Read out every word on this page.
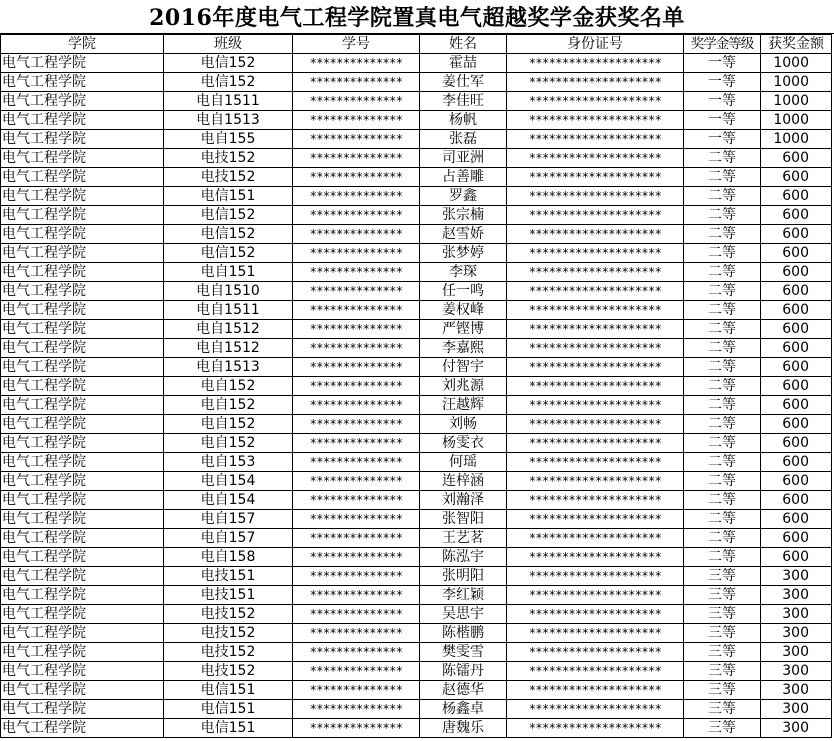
2016年度电气工程学院置真电气超越奖学金获奖名单
学院	班级	学号	姓名	身份证号	奖学金等级	获奖金额
电气工程学院	电信152	**************	霍喆	********************	一等	1000
电气工程学院	电信152	**************	姜仕军	********************	一等	1000
电气工程学院	电自1511	**************	李佳旺	********************	一等	1000
电气工程学院	电自1513	**************	杨帆	********************	一等	1000
电气工程学院	电自155	**************	张磊	********************	一等	1000
电气工程学院	电技152	**************	司亚洲	********************	二等	600
电气工程学院	电技152	**************	占善雕	********************	二等	600
电气工程学院	电信151	**************	罗鑫	********************	二等	600
电气工程学院	电信152	**************	张宗楠	********************	二等	600
电气工程学院	电信152	**************	赵雪娇	********************	二等	600
电气工程学院	电信152	**************	张梦婷	********************	二等	600
电气工程学院	电自151	**************	李琛	********************	二等	600
电气工程学院	电自1510	**************	任一鸣	********************	二等	600
电气工程学院	电自1511	**************	姜权峰	********************	二等	600
电气工程学院	电自1512	**************	严铿博	********************	二等	600
电气工程学院	电自1512	**************	李嘉熙	********************	二等	600
电气工程学院	电自1513	**************	付智宇	********************	二等	600
电气工程学院	电自152	**************	刘兆源	********************	二等	600
电气工程学院	电自152	**************	汪越辉	********************	二等	600
电气工程学院	电自152	**************	刘畅	********************	二等	600
电气工程学院	电自152	**************	杨雯衣	********************	二等	600
电气工程学院	电自153	**************	何瑶	********************	二等	600
电气工程学院	电自154	**************	连梓涵	********************	二等	600
电气工程学院	电自154	**************	刘瀚泽	********************	二等	600
电气工程学院	电自157	**************	张智阳	********************	二等	600
电气工程学院	电自157	**************	王艺茗	********************	二等	600
电气工程学院	电自158	**************	陈泓宇	********************	二等	600
电气工程学院	电技151	**************	张明阳	********************	三等	300
电气工程学院	电技151	**************	李红颖	********************	三等	300
电气工程学院	电技152	**************	吴思宇	********************	三等	300
电气工程学院	电技152	**************	陈楷鹏	********************	三等	300
电气工程学院	电技152	**************	樊雯雪	********************	三等	300
电气工程学院	电技152	**************	陈镭丹	********************	三等	300
电气工程学院	电信151	**************	赵德华	********************	三等	300
电气工程学院	电信151	**************	杨鑫卓	********************	三等	300
电气工程学院	电信151	**************	唐魏乐	********************	三等	300
